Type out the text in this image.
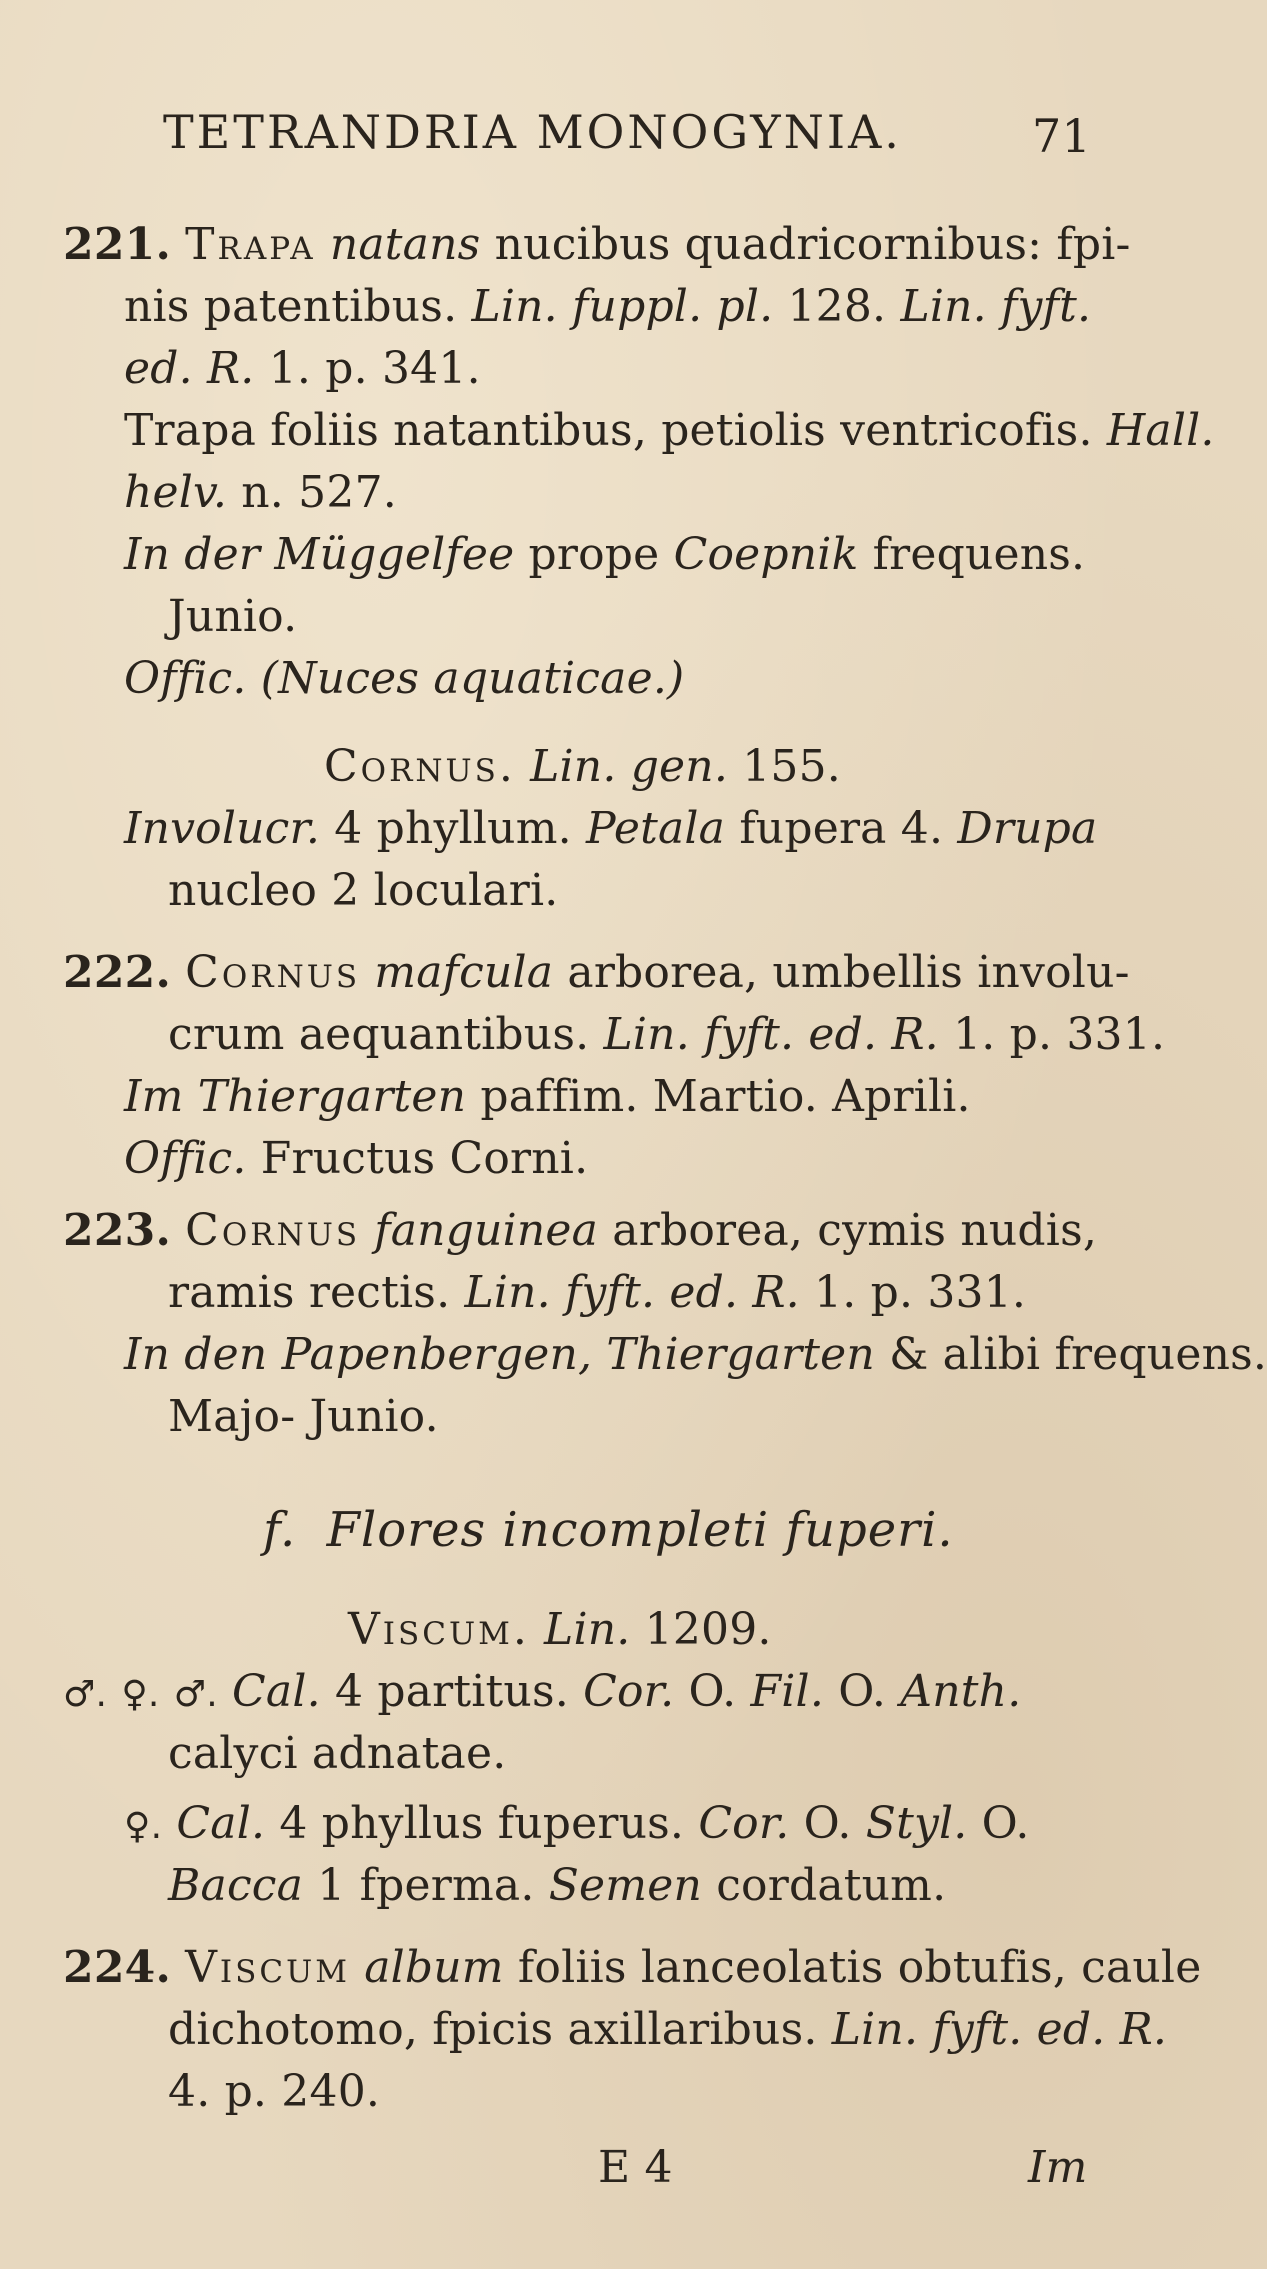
TETRANDRIA MONOGYNIA.	71
221. Trapa natans nucibus quadricornibus: fpi-
nis patentibus. Lin. fuppl. pl. 128. Lin. fyft.
ed. R. 1. p. 341.
Trapa foliis natantibus, petiolis ventricofis. Hall.
helv. n. 527.
In der Müggelfee prope Coepnik frequens.
Junio.
Offic. (Nuces aquaticae.)
Cornus. Lin. gen. 155.
Involucr. 4 phyllum. Petala fupera 4. Drupa
nucleo 2 loculari.
222. Cornus mafcula arborea, umbellis involu-
crum aequantibus. Lin. fyft. ed. R. 1. p. 331.
Im Thiergarten paffim. Martio. Aprili.
Offic. Fructus Corni.
223. Cornus fanguinea arborea, cymis nudis,
ramis rectis. Lin. fyft. ed. R. 1. p. 331.
In den Papenbergen, Thiergarten & alibi frequens.
Majo- Junio.
f. Flores incompleti fuperi.
Viscum. Lin. 1209.
♂. ♀. ♂. Cal. 4 partitus. Cor. O. Fil. O. Anth.
calyci adnatae.
♀. Cal. 4 phyllus fuperus. Cor. O. Styl. O.
Bacca 1 fperma. Semen cordatum.
224. Viscum album foliis lanceolatis obtufis, caule
dichotomo, fpicis axillaribus. Lin. fyft. ed. R.
4. p. 240.
E 4	Im
